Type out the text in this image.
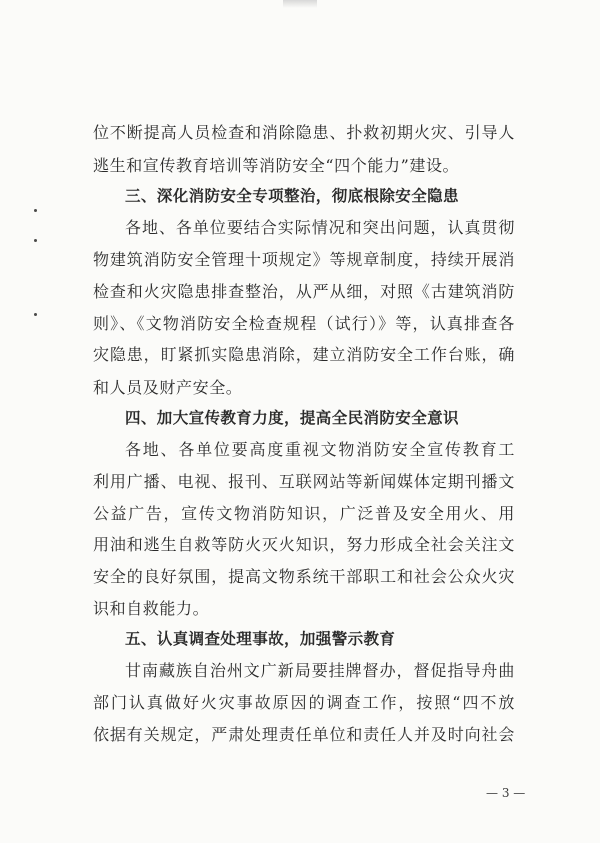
位不断提高人员检查和消除隐患、扑救初期火灾、引导人
逃生和宣传教育培训等消防安全“四个能力”建设。
三、深化消防安全专项整治，彻底根除安全隐患
各地、各单位要结合实际情况和突出问题，认真贯彻
物建筑消防安全管理十项规定》等规章制度，持续开展消
检查和火灾隐患排查整治，从严从细，对照《古建筑消防
则》、《文物消防安全检查规程（试行）》等，认真排查各
灾隐患，盯紧抓实隐患消除，建立消防安全工作台账，确
和人员及财产安全。
四、加大宣传教育力度，提高全民消防安全意识
各地、各单位要高度重视文物消防安全宣传教育工
利用广播、电视、报刊、互联网站等新闻媒体定期刊播文
公益广告，宣传文物消防知识，广泛普及安全用火、用
用油和逃生自救等防火灭火知识，努力形成全社会关注文
安全的良好氛围，提高文物系统干部职工和社会公众火灾
识和自救能力。
五、认真调查处理事故，加强警示教育
甘南藏族自治州文广新局要挂牌督办，督促指导舟曲
部门认真做好火灾事故原因的调查工作，按照“四不放
依据有关规定，严肃处理责任单位和责任人并及时向社会
— 3 —
